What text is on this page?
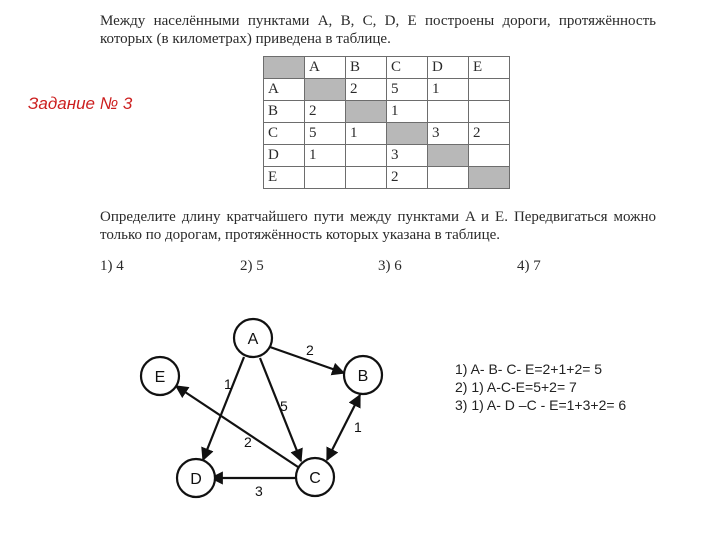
Между населёнными пунктами A, B, C, D, E построены дороги, протяжённость которых (в километрах) приведена в таблице.

Задание № 3

	A	B	C	D	E
A		2	5	1	
B	2		1		
C	5	1		3	2
D	1		3		
E			2		

Определите длину кратчайшего пути между пунктами A и E. Передвигаться можно только по дорогам, протяжённость которых указана в таблице.

1) 4	2) 5	3) 6	4) 7

A
B
C
D
E
2
1
5
1
2
3
1) A- B- C- E=2+1+2= 5
2) 1) A-C-E=5+2= 7
3) 1) A- D –C - E=1+3+2= 6
